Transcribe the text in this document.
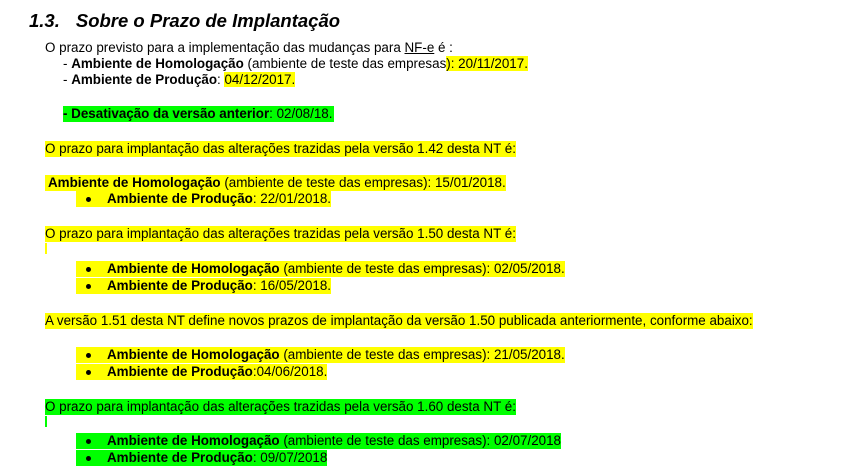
1.3. Sobre o Prazo de Implantação
O prazo previsto para a implementação das mudanças para NF-e é :
- Ambiente de Homologação (ambiente de teste das empresas): 20/11/2017.
- Ambiente de Produção: 04/12/2017.
- Desativação da versão anterior: 02/08/18.
O prazo para implantação das alterações trazidas pela versão 1.42 desta NT é:
Ambiente de Homologação (ambiente de teste das empresas): 15/01/2018.
Ambiente de Produção: 22/01/2018.
O prazo para implantação das alterações trazidas pela versão 1.50 desta NT é:
Ambiente de Homologação (ambiente de teste das empresas): 02/05/2018.
Ambiente de Produção: 16/05/2018.
A versão 1.51 desta NT define novos prazos de implantação da versão 1.50 publicada anteriormente, conforme abaixo:
Ambiente de Homologação (ambiente de teste das empresas): 21/05/2018.
Ambiente de Produção:04/06/2018.
O prazo para implantação das alterações trazidas pela versão 1.60 desta NT é:
Ambiente de Homologação (ambiente de teste das empresas): 02/07/2018
Ambiente de Produção: 09/07/2018
